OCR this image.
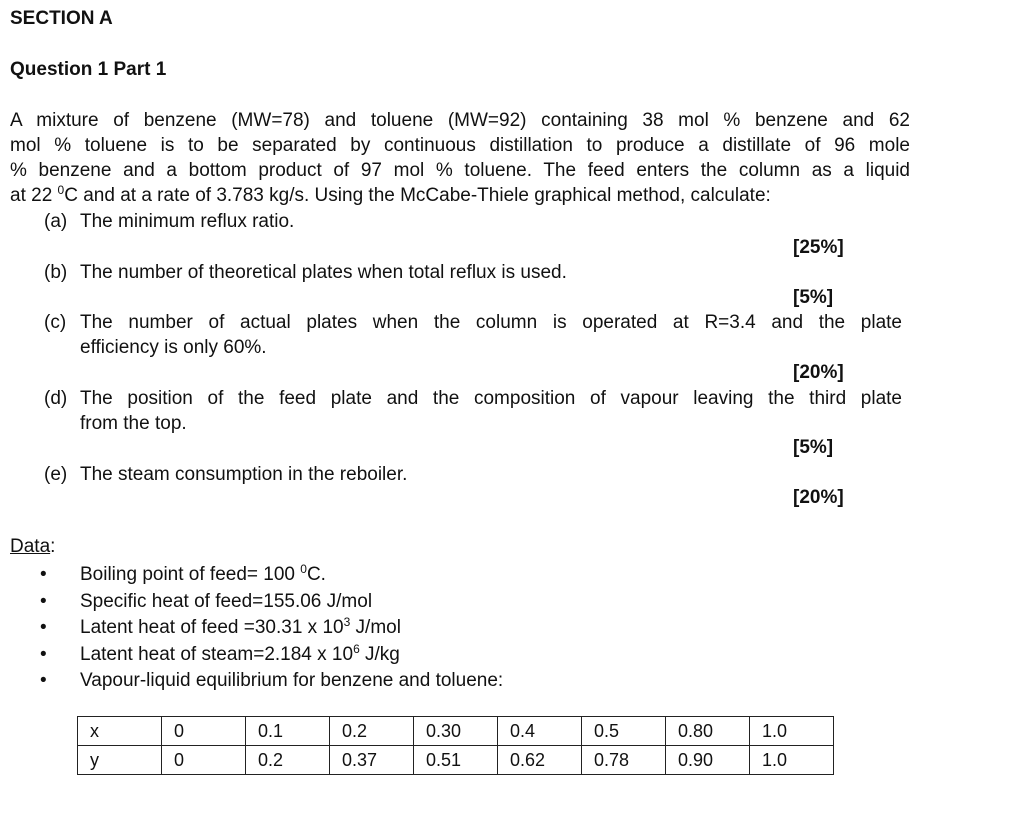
SECTION A
Question 1 Part 1
A mixture of benzene (MW=78) and toluene (MW=92) containing 38 mol % benzene and 62
mol % toluene is to be separated by continuous distillation to produce a distillate of 96 mole
% benzene and a bottom product of 97 mol % toluene. The feed enters the column as a liquid
at 22 $^0$C and at a rate of 3.783 kg/s. Using the McCabe-Thiele graphical method, calculate:
(a) The minimum reflux ratio.
[25%]
(b) The number of theoretical plates when total reflux is used.
[5%]
(c) The number of actual plates when the column is operated at R=3.4 and the plate
efficiency is only 60%.
[20%]
(d) The position of the feed plate and the composition of vapour leaving the third plate
from the top.
[5%]
(e) The steam consumption in the reboiler.
[20%]
Data:
• Boiling point of feed= 100 $^0$C.
• Specific heat of feed=155.06 J/mol
• Latent heat of feed =30.31 x $10^3$ J/mol
• Latent heat of steam=2.184 x $10^6$ J/kg
• Vapour-liquid equilibrium for benzene and toluene:
x	0	0.1	0.2	0.30	0.4	0.5	0.80	1.0
y	0	0.2	0.37	0.51	0.62	0.78	0.90	1.0
